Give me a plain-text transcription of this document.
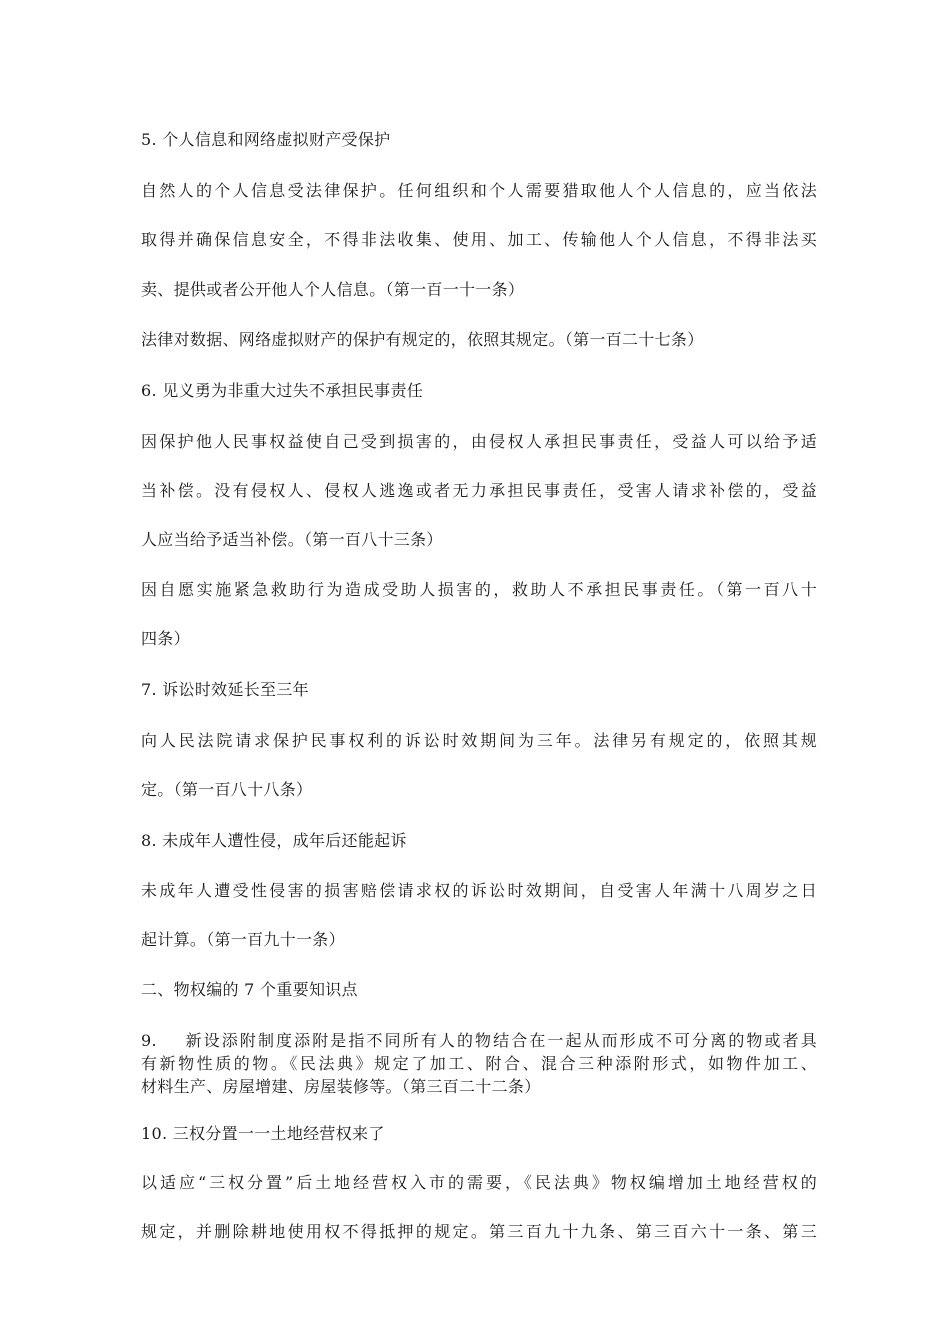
5. 个人信息和网络虚拟财产受保护
自然人的个人信息受法律保护。任何组织和个人需要猎取他人个人信息的，应当依法
取得并确保信息安全，不得非法收集、使用、加工、传输他人个人信息，不得非法买
卖、提供或者公开他人个人信息。（第一百一十一条）
法律对数据、网络虚拟财产的保护有规定的，依照其规定。（第一百二十七条）
6. 见义勇为非重大过失不承担民事责任
因保护他人民事权益使自己受到损害的，由侵权人承担民事责任，受益人可以给予适
当补偿。没有侵权人、侵权人逃逸或者无力承担民事责任，受害人请求补偿的，受益
人应当给予适当补偿。（第一百八十三条）
因自愿实施紧急救助行为造成受助人损害的，救助人不承担民事责任。（第一百八十
四条）
7. 诉讼时效延长至三年
向人民法院请求保护民事权利的诉讼时效期间为三年。法律另有规定的，依照其规
定。（第一百八十八条）
8. 未成年人遭性侵，成年后还能起诉
未成年人遭受性侵害的损害赔偿请求权的诉讼时效期间，自受害人年满十八周岁之日
起计算。（第一百九十一条）
二、物权编的 7 个重要知识点
9.    新设添附制度添附是指不同所有人的物结合在一起从而形成不可分离的物或者具
有新物性质的物。《民法典》规定了加工、附合、混合三种添附形式，如物件加工、
材料生产、房屋增建、房屋装修等。（第三百二十二条）
10. 三权分置一一土地经营权来了
以适应“三权分置”后土地经营权入市的需要，《民法典》物权编增加土地经营权的
规定，并删除耕地使用权不得抵押的规定。第三百九十九条、第三百六十一条、第三
